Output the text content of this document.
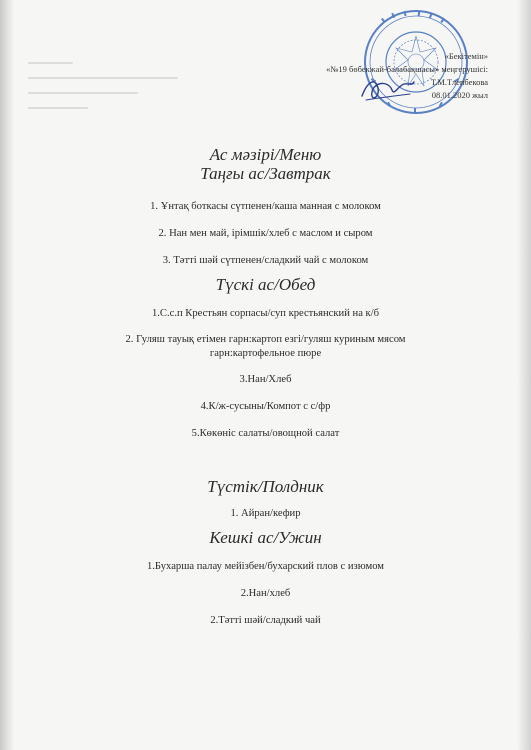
«Бекітемін»
«№19 бөбекжай-балабақшасы» меңгерушісі:
Т.М.Тлепбекова
08.01.2020 жыл

Ас мәзірі/Меню

Таңғы ас/Завтрак

1. Ұнтақ боткасы сүтпенен/каша манная с молоком

2. Нан мен май, ірімшік/хлеб с маслом и сыром

3. Тәтті шәй сүтпенен/сладкий чай с молоком

Түскі ас/Обед

1.С.с.п Крестьян сорпасы/суп крестьянский на к/б

2. Гуляш тауық етімен гарн:картоп езгі/гуляш куриным мясом

гарн:картофельное пюре

3.Нан/Хлеб

4.К/ж-сусыны/Компот с с/фр

5.Көкөніс салаты/овощной салат

Түстік/Полдник

1. Айран/кефир

Кешкі ас/Ужин

1.Бухарша палау мейізбен/бухарский плов с изюмом

2.Нан/хлеб

2.Тәтті шәй/сладкий чай
